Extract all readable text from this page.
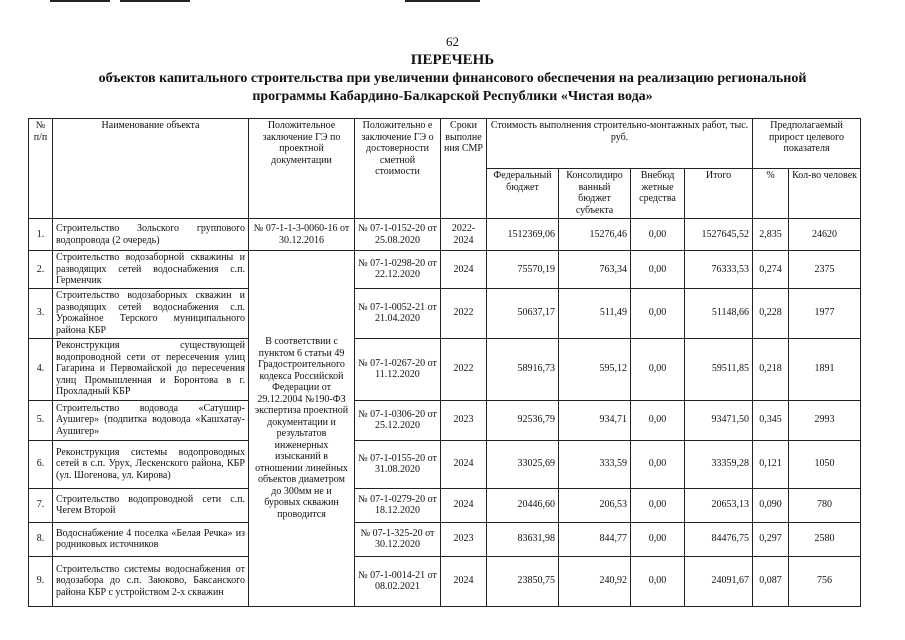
62
ПЕРЕЧЕНЬ
объектов капитального строительства при увеличении финансового обеспечения на реализацию региональной
программы Кабардино-Балкарской Республики «Чистая вода»
№ п/п	Наименование объекта	Положительное заключение ГЭ по проектной документации	Положительно е заключение ГЭ о достоверности сметной стоимости	Сроки выполне ния СМР	Стоимость выполнения строительно-монтажных работ, тыс. руб.				Предполагаемый прирост целевого показателя	
					Федеральный бюджет	Консолидиро ванный бюджет субъекта	Внебюд жетные средства	Итого	%	Кол-во человек
1.	Строительство Зольского группового водопровода (2 очередь)	№ 07-1-1-3-0060-16 от 30.12.2016	№ 07-1-0152-20 от 25.08.2020	2022-2024	1512369,06	15276,46	0,00	1527645,52	2,835	24620
2.	Строительство водозаборной скважины и разводящих сетей водоснабжения с.п. Герменчик	В соответствии с пунктом 6 статьи 49 Градостроительного кодекса Российской Федерации от 29.12.2004 №190-ФЗ экспертиза проектной документации и результатов инженерных изысканий в отношении линейных объектов диаметром до 300мм не и буровых скважин проводится	№ 07-1-0298-20 от 22.12.2020	2024	75570,19	763,34	0,00	76333,53	0,274	2375
3.	Строительство водозаборных скважин и разводящих сетей водоснабжения с.п. Урожайное Терского муниципального района КБР		№ 07-1-0052-21 от 21.04.2020	2022	50637,17	511,49	0,00	51148,66	0,228	1977
4.	Реконструкция существующей водопроводной сети от пересечения улиц Гагарина и Первомайской до пересечения улиц Промышленная и Боронтова в г. Прохладный КБР		№ 07-1-0267-20 от 11.12.2020	2022	58916,73	595,12	0,00	59511,85	0,218	1891
5.	Строительство водовода «Сатушир-Аушигер» (подпитка водовода «Кашхатау-Аушигер»		№ 07-1-0306-20 от 25.12.2020	2023	92536,79	934,71	0,00	93471,50	0,345	2993
6.	Реконструкция системы водопроводных сетей в с.п. Урух, Лескенского района, КБР (ул. Шогенова, ул. Кирова)		№ 07-1-0155-20 от 31.08.2020	2024	33025,69	333,59	0,00	33359,28	0,121	1050
7.	Строительство водопроводной сети с.п. Чегем Второй		№ 07-1-0279-20 от 18.12.2020	2024	20446,60	206,53	0,00	20653,13	0,090	780
8.	Водоснабжение 4 поселка «Белая Речка» из родниковых источников		№ 07-1-325-20 от 30.12.2020	2023	83631,98	844,77	0,00	84476,75	0,297	2580
9.	Строительство системы водоснабжения от водозабора до с.п. Заюково, Баксанского района КБР с устройством 2-х скважин		№ 07-1-0014-21 от 08.02.2021	2024	23850,75	240,92	0,00	24091,67	0,087	756
